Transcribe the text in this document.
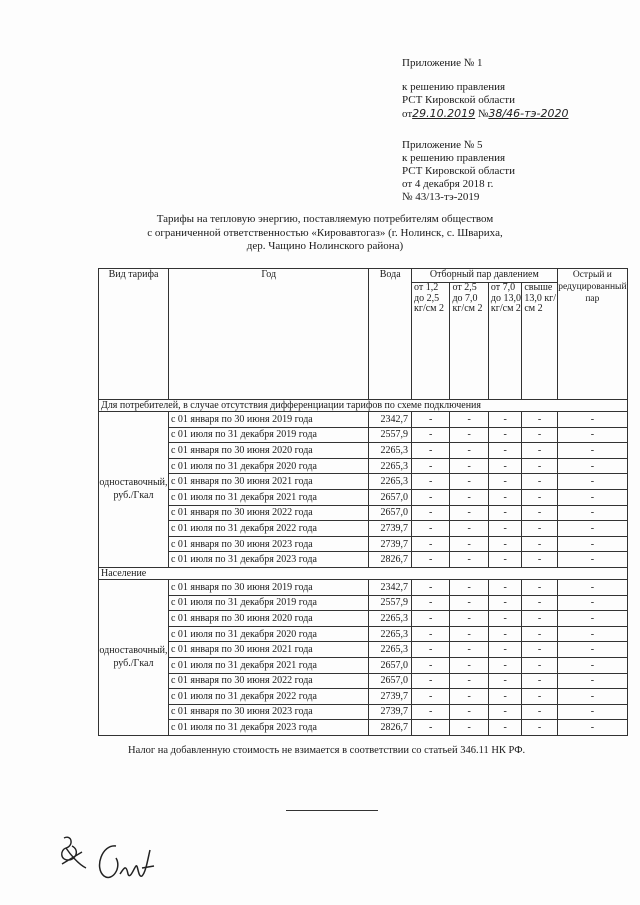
Приложение № 1
к решению правления
РСТ Кировской области
от29.10.2019 №38/46-тэ-2020
Приложение № 5
к решению правления
РСТ Кировской области
от 4 декабря 2018 г.
№ 43/13-тэ-2019
Тарифы на тепловую энергию, поставляемую потребителям обществом
с ограниченной ответственностью «Кировавтогаз» (г. Нолинск, с. Шварихa,
дер. Чащино Нолинского района)
Вид тарифа	Год	Вода	Отборный пар давлением				Острый и редуцированный пар
			от 1,2 до 2,5 кг/см 2	от 2,5 до 7,0 кг/см 2	от 7,0 до 13,0 кг/см 2	свыше 13,0 кг/см 2	
Для потребителей, в случае отсутствия дифференциации тарифов по схеме подключения							
одноставочный, руб./Гкал	с 01 января по 30 июня 2019 года	2342,7	-	-	-	-	-
	с 01 июля по 31 декабря 2019 года	2557,9	-	-	-	-	-
	с 01 января по 30 июня 2020 года	2265,3	-	-	-	-	-
	с 01 июля по 31 декабря 2020 года	2265,3	-	-	-	-	-
	с 01 января по 30 июня 2021 года	2265,3	-	-	-	-	-
	с 01 июля по 31 декабря 2021 года	2657,0	-	-	-	-	-
	с 01 января по 30 июня 2022 года	2657,0	-	-	-	-	-
	с 01 июля по 31 декабря 2022 года	2739,7	-	-	-	-	-
	с 01 января по 30 июня 2023 года	2739,7	-	-	-	-	-
	с 01 июля по 31 декабря 2023 года	2826,7	-	-	-	-	-
Население							
одноставочный, руб./Гкал	с 01 января по 30 июня 2019 года	2342,7	-	-	-	-	-
	с 01 июля по 31 декабря 2019 года	2557,9	-	-	-	-	-
	с 01 января по 30 июня 2020 года	2265,3	-	-	-	-	-
	с 01 июля по 31 декабря 2020 года	2265,3	-	-	-	-	-
	с 01 января по 30 июня 2021 года	2265,3	-	-	-	-	-
	с 01 июля по 31 декабря 2021 года	2657,0	-	-	-	-	-
	с 01 января по 30 июня 2022 года	2657,0	-	-	-	-	-
	с 01 июля по 31 декабря 2022 года	2739,7	-	-	-	-	-
	с 01 января по 30 июня 2023 года	2739,7	-	-	-	-	-
	с 01 июля по 31 декабря 2023 года	2826,7	-	-	-	-	-
Налог на добавленную стоимость не взимается в соответствии со статьей 346.11 НК РФ.
